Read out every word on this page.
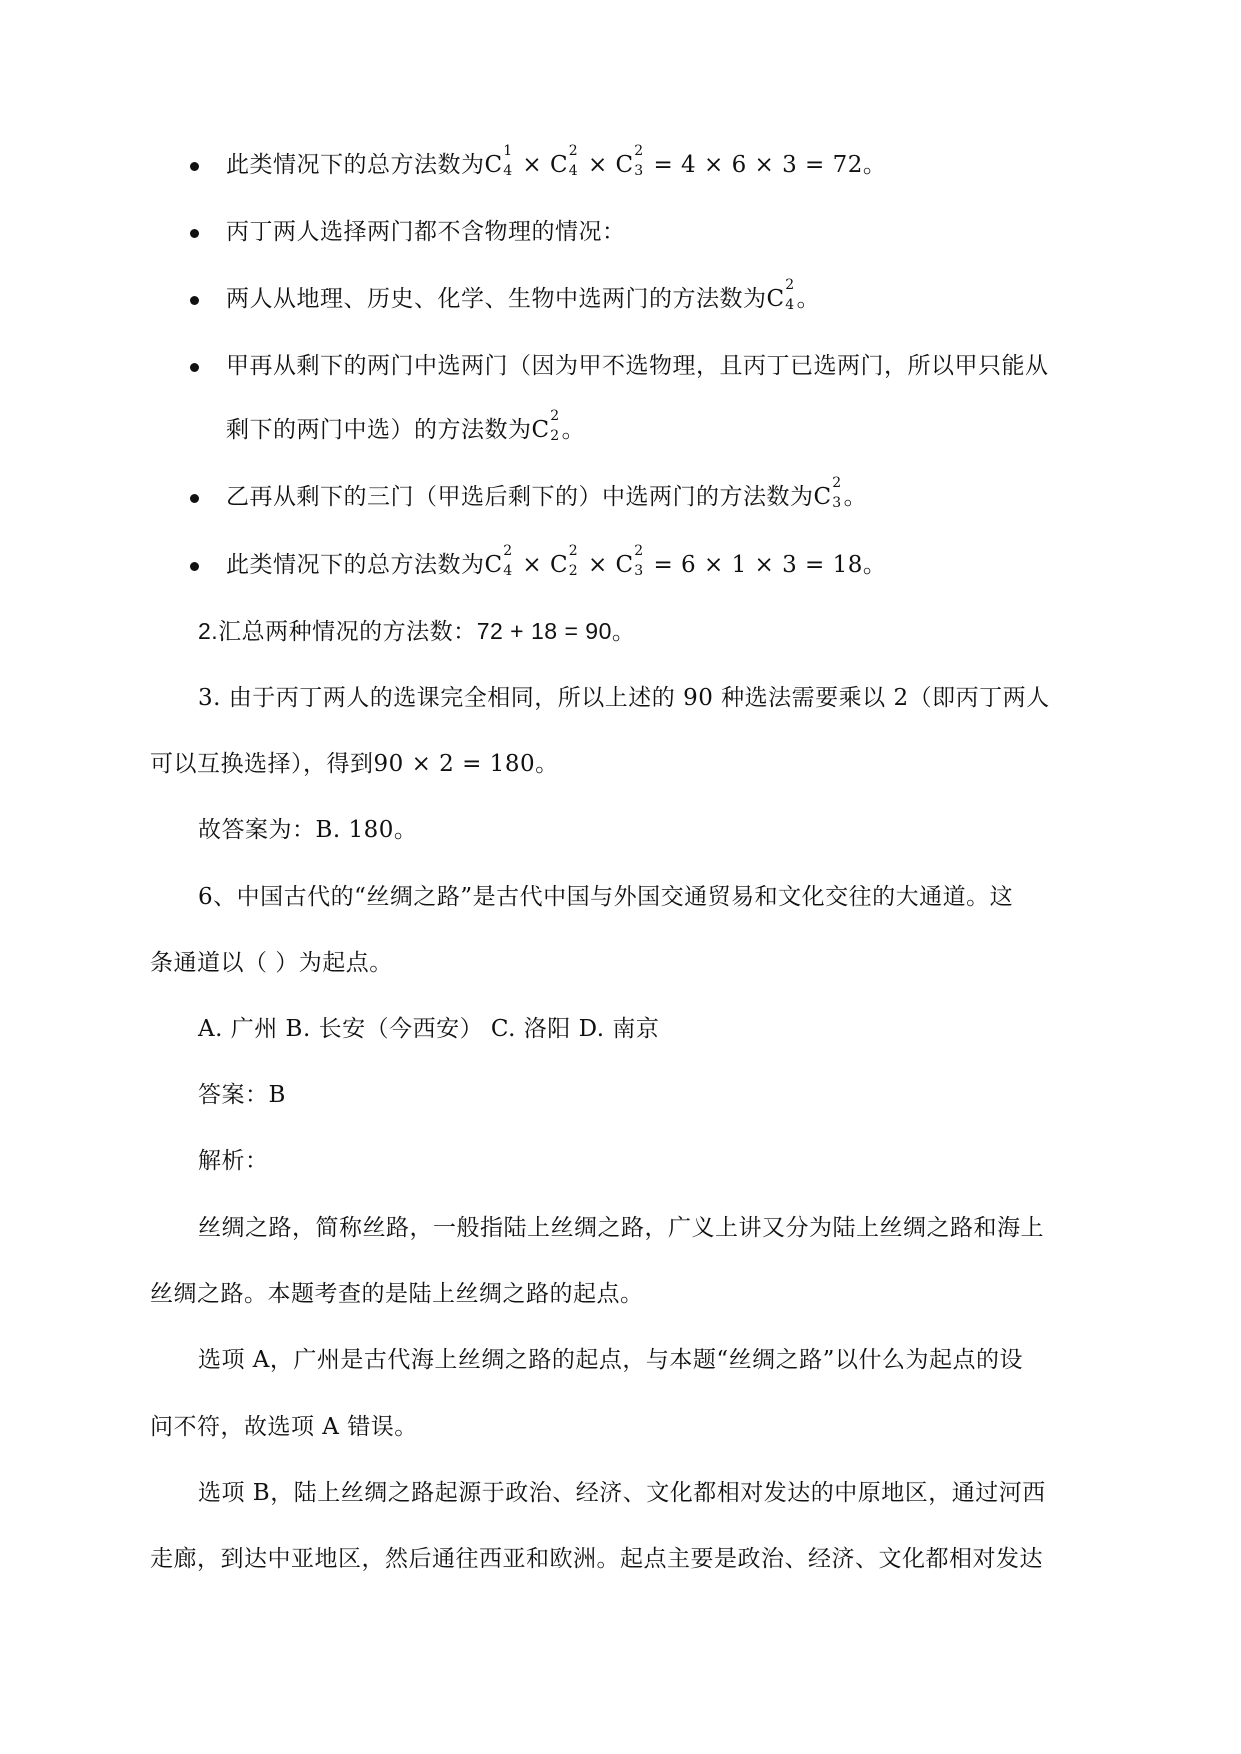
此类情况下的总方法数为C
1
4 × C
2
4 × C
2
3 = 4 × 6 × 3 = 72。
丙丁两人选择两门都不含物理的情况：
两人从地理、历史、化学、生物中选两门的方法数为C
2
4 。
甲再从剩下的两门中选两门（因为甲不选物理，且丙丁已选两门，所以甲只能从
剩下的两门中选）的方法数为C
2
2 。
乙再从剩下的三门（甲选后剩下的）中选两门的方法数为C
2
3 。
此类情况下的总方法数为C
2
4 × C
2
2 × C
2
3 = 6 × 1 × 3 = 18。
2.汇总两种情况的方法数：72 + 18 = 90。
3. 由于丙丁两人的选课完全相同，所以上述的 90 种选法需要乘以 2（即丙丁两人
可以互换选择），得到90 × 2 = 180。
故答案为：B. 180。
6、中国古代的“丝绸之路”是古代中国与外国交通贸易和文化交往的大通道。这
条通道以（ ）为起点。
A. 广州 B. 长安（今西安） C. 洛阳 D. 南京
答案：B
解析：
丝绸之路，简称丝路，一般指陆上丝绸之路，广义上讲又分为陆上丝绸之路和海上
丝绸之路。本题考查的是陆上丝绸之路的起点。
选项 A，广州是古代海上丝绸之路的起点，与本题“丝绸之路”以什么为起点的设
问不符，故选项 A 错误。
选项 B，陆上丝绸之路起源于政治、经济、文化都相对发达的中原地区，通过河西
走廊，到达中亚地区，然后通往西亚和欧洲。起点主要是政治、经济、文化都相对发达
